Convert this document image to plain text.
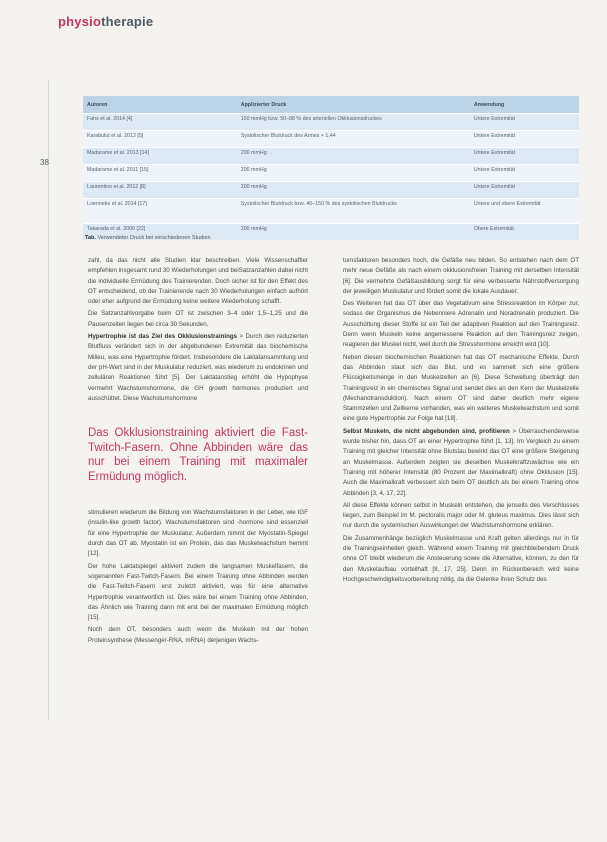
physiotherapie
38
Autoren	Applizierter Druck	Anwendung
Fahs et al. 2014 [4]	150 mmHg bzw. 50–88 % des arteriellen Okklusionsdruckes	Untere Extremität
Karabulut et al. 2012 [5]	Systolischer Blutdruck des Armes × 1,44	Untere Extremität
Madarame et al. 2013 [14]	200 mmHg	Untere Extremität
Madarame et al. 2011 [15]	200 mmHg	Untere Extremität
Laurentino et al. 2012 [8]	200 mmHg	Untere Extremität
Loenneke et al. 2014 [17]	Systolischer Blutdruck bzw. 40–150 % des systolischen Blutdrucks	Untere und obere Extremität
Takarada et al. 2000 [22]	200 mmHg	Obere Extremität
Tab. Verwendeter Druck bei verschiedenen Studien

zahl, da das nicht alle Studien klar beschreiben. Viele Wissenschaftler empfehlen insgesamt rund 30 Wiederholungen und beiSatzanzahlen dabei nicht die individuelle Ermüdung des Trainierenden. Doch sicher ist für den Effekt des OT entscheidend, ob der Trainierende nach 30 Wiederholungen einfach aufhört oder eher aufgrund der Ermüdung keine weitere Wiederholung schafft.

Die Satzanzahlvorgabe beim OT ist zwischen 3–4 oder 1,5–1,25 und die Pausenzeiten liegen bei circa 30 Sekunden.

Hypertrophie ist das Ziel des Okklusionstrainings > Durch den reduzierten Blutfluss verändert sich in der abgebundenen Extremität das biochemische Milieu, was eine Hypertrophie fördert. Insbesondere die Laktatansammlung und der pH-Wert sind in der Muskulatur reduziert, was wiederum zu endokrinen und zellulären Reaktionen führt [5]. Der Laktatanstieg erhöht die Hypophyse vermehrt Wachstumshormone, die GH growth hormones produziert und ausschüttet. Diese Wachstumshormone

Das Okklusionstraining aktiviert die Fast-Twitch-Fasern. Ohne Abbinden wäre das nur bei einem Training mit maximaler Ermüdung möglich.

stimulieren wiederum die Bildung von Wachstumsfaktoren in der Leber, wie IGF (insulin-like growth factor). Wachstumsfaktoren sind -hormone sind essenziell für eine Hypertrophie der Muskulatur. Außerdem nimmt der Myostatin-Spiegel durch das OT ab. Myostatin ist ein Protein, das das Muskelwachstum hemmt [12].

Der hohe Laktatspiegel aktiviert zudem die langsamen Muskelfasern, die sogenannten Fast-Twitch-Fasern. Bei einem Training ohne Abbinden werden die Fast-Twitch-Fasern erst zuletzt aktiviert, was für eine alternative Hypertrophie verantwortlich ist. Dies wäre bei einem Training ohne Abbinden, das Ähnlich wie Training dann mit erst bei der maximalen Ermüdung möglich [15].

Noch dem OT, besonders auch wenn die Muskeln mit der hohen Proteinsynthese (Messenger-RNA, mRNA) derjenigen Wachs-

tumsfaktoren besonders hoch, die Gefäße neu bilden. So entstehen nach dem OT mehr neue Gefäße als nach einem okklusionsfreien Training mit derselben Intensität [6]. Die vermehrte Gefäßausbildung sorgt für eine verbesserte Nährstoffversorgung der jeweiligen Muskulatur und fördert somit die lokale Ausdauer.

Des Weiteren hat das OT über das Vegetativum eine Stressreaktion im Körper zur, sodass der Organismus die Nebenniere Adrenalin und Noradrenalin produziert. Die Ausschüttung dieser Stoffe ist ein Teil der adaptiven Reaktion auf den Trainingsreiz. Denn wenn Muskeln keine angemessene Reaktion auf den Trainingsreiz zeigen, reagieren der Muskel nicht, weil durch die Stresshormone erreicht wird [10].

Neben diesen biochemischen Reaktionen hat das OT mechanische Effekte. Durch das Abbinden staut sich das Blut, und es sammelt sich eine größere Flüssigkeitsmenge in den Muskelzellen an [6]. Diese Schwellung überträgt den Trainingsreiz in ein chemisches Signal und sendet dies an den Kern der Muskelzelle (Mechanotransduktion). Nach einem OT sind daher deutlich mehr eigene Stammzellen und Zellkerne vorhanden, was ein weiteres Muskelwachstum und somit eine gute Hypertrophie zur Folge hat [18].

Selbst Muskeln, die nicht abgebunden sind, profitieren > Überraschenderweise wurde bisher hin, dass OT an einer Hypertrophie führt [1, 13]. Im Vergleich zu einem Training mit gleicher Intensität ohne Blutstau bewirkt das OT eine größere Steigerung an Muskelmasse. Außerdem zeigten sie dieselben Muskelkraftzuwächse wie ein Training mit höherer Intensität (80 Prozent der Maximalkraft) ohne Okklusion [15]. Auch die Maximalkraft verbessert sich beim OT deutlich als bei einem Training ohne Abbinden [3, 4, 17, 22].

All diese Effekte können selbst in Muskeln entstehen, die jenseits des Verschlusses liegen, zum Beispiel im M. pectoralis major oder M. gluteus maximus. Dies lässt sich nur durch die systemischen Auswirkungen der Wachstumshormone erklären.

Die Zusammenhänge bezüglich Muskelmasse und Kraft gelten allerdings nur in für die Trainingseinheiten gleich. Während einem Training mit gleichbleibendem Druck ohne OT bleibt wiederum die Ansteuerung sowie die Alternative, können, zu den für den Muskelaufbau vorteilhaft [8, 17, 25]. Denn im Rückenbereich wird keine Hochgeschwindigkeitsvorbereitung nötig, da die Gelenke ihren Schutz des
